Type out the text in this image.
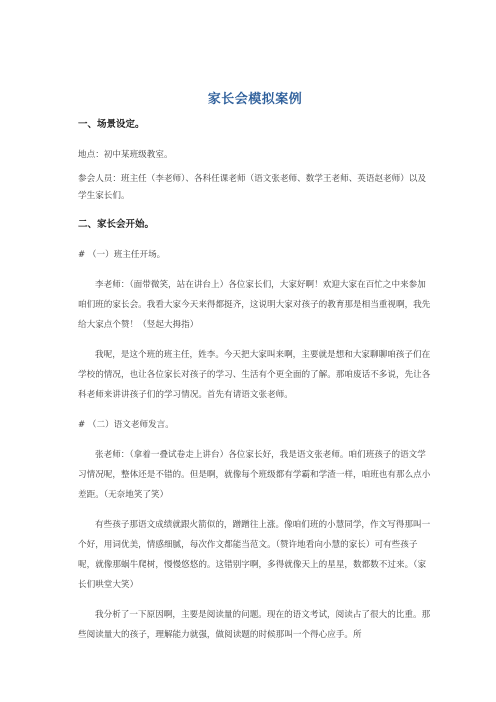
家长会模拟案例
一、场景设定。
地点：初中某班级教室。
参会人员：班主任（李老师）、各科任课老师（语文张老师、数学王老师、英语赵老师）以及学生家长们。
二、家长会开始。
# （一）班主任开场。
李老师：（面带微笑，站在讲台上）各位家长们，大家好啊！欢迎大家在百忙之中来参加咱们班的家长会。我看大家今天来得都挺齐，这说明大家对孩子的教育那是相当重视啊，我先给大家点个赞！（竖起大拇指）
我呢，是这个班的班主任，姓李。今天把大家叫来啊，主要就是想和大家聊聊咱孩子们在学校的情况，也让各位家长对孩子的学习、生活有个更全面的了解。那咱废话不多说，先让各科老师来讲讲孩子们的学习情况。首先有请语文张老师。
# （二）语文老师发言。
张老师：（拿着一叠试卷走上讲台）各位家长好，我是语文张老师。咱们班孩子的语文学习情况呢，整体还是不错的。但是啊，就像每个班级都有学霸和学渣一样，咱班也有那么点小差距。（无奈地笑了笑）
有些孩子那语文成绩就跟火箭似的，蹭蹭往上涨。像咱们班的小慧同学，作文写得那叫一个好，用词优美，情感细腻，每次作文都能当范文。（赞许地看向小慧的家长）可有些孩子呢，就像那蜗牛爬树，慢慢悠悠的。这错别字啊，多得就像天上的星星，数都数不过来。（家长们哄堂大笑）
我分析了一下原因啊，主要是阅读量的问题。现在的语文考试，阅读占了很大的比重。那些阅读量大的孩子，理解能力就强，做阅读题的时候那叫一个得心应手。所
